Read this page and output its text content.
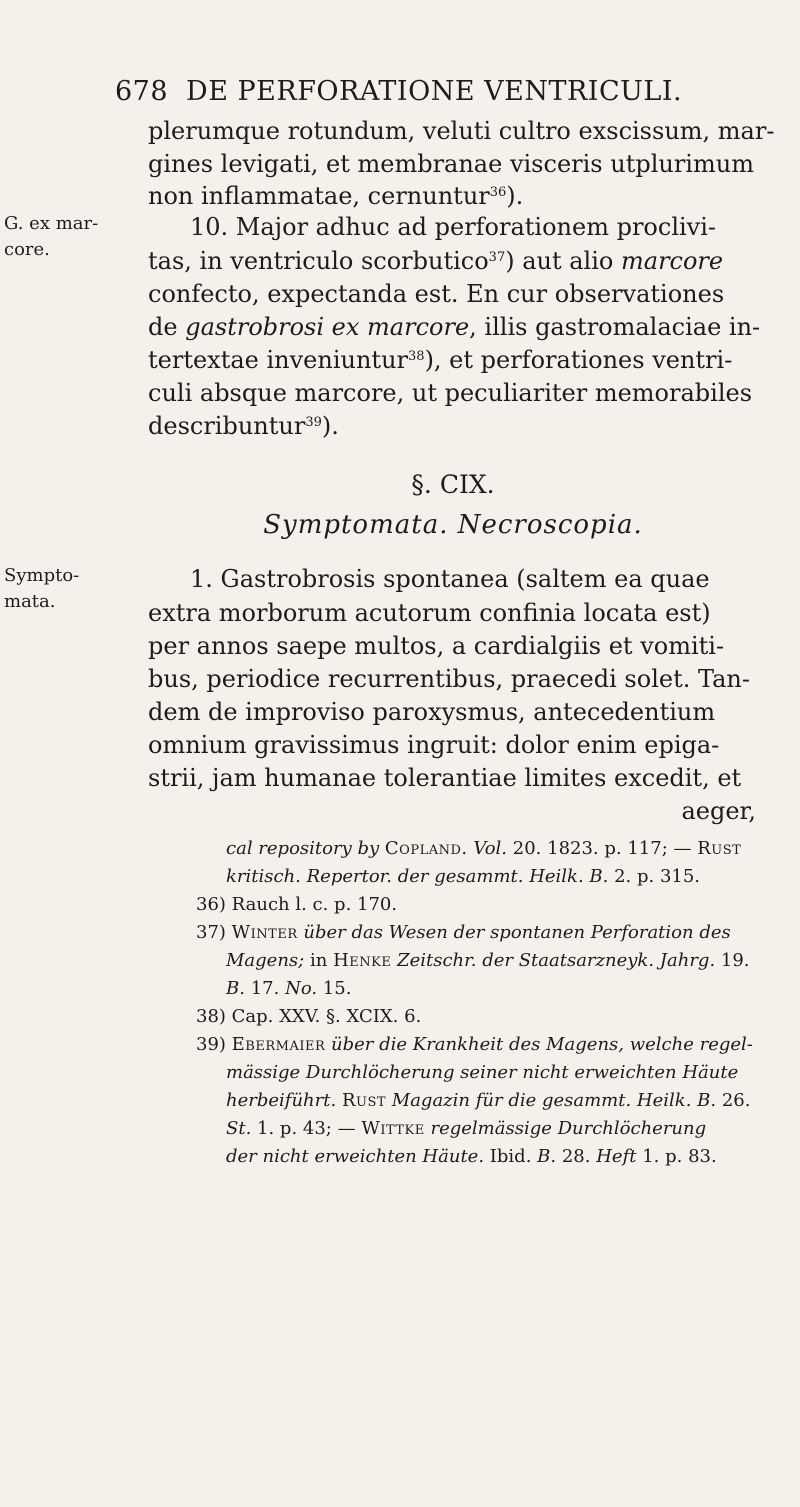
678 DE PERFORATIONE VENTRICULI.
plerumque rotundum, veluti cultro exscissum, mar-
gines levigati, et membranae visceris utplurimum
non inflammatae, cernuntur$^{36}$).
G. ex mar-
core.
10. Major adhuc ad perforationem proclivi-
tas, in ventriculo scorbutico$^{37}$) aut alio marcore
confecto, expectanda est. En cur observationes
de gastrobrosi ex marcore, illis gastromalaciae in-
tertextae inveniuntur$^{38}$), et perforationes ventri-
culi absque marcore, ut peculiariter memorabiles
describuntur$^{39}$).
§. CIX.
Symptomata. Necroscopia.
Sympto-
mata.
1. Gastrobrosis spontanea (saltem ea quae
extra morborum acutorum confinia locata est)
per annos saepe multos, a cardialgiis et vomiti-
bus, periodice recurrentibus, praecedi solet. Tan-
dem de improviso paroxysmus, antecedentium
omnium gravissimus ingruit: dolor enim epiga-
strii, jam humanae tolerantiae limites excedit, et
aeger,
cal repository by Copland. Vol. 20. 1823. p. 117; — Rust
kritisch. Repertor. der gesammt. Heilk. B. 2. p. 315.
36) Rauch l. c. p. 170.
37) Winter über das Wesen der spontanen Perforation des
Magens; in Henke Zeitschr. der Staatsarzneyk. Jahrg. 19.
B. 17. No. 15.
38) Cap. XXV. §. XCIX. 6.
39) Ebermaier über die Krankheit des Magens, welche regel-
mässige Durchlöcherung seiner nicht erweichten Häute
herbeiführt. Rust Magazin für die gesammt. Heilk. B. 26.
St. 1. p. 43; — Wittke regelmässige Durchlöcherung
der nicht erweichten Häute. Ibid. B. 28. Heft 1. p. 83.
